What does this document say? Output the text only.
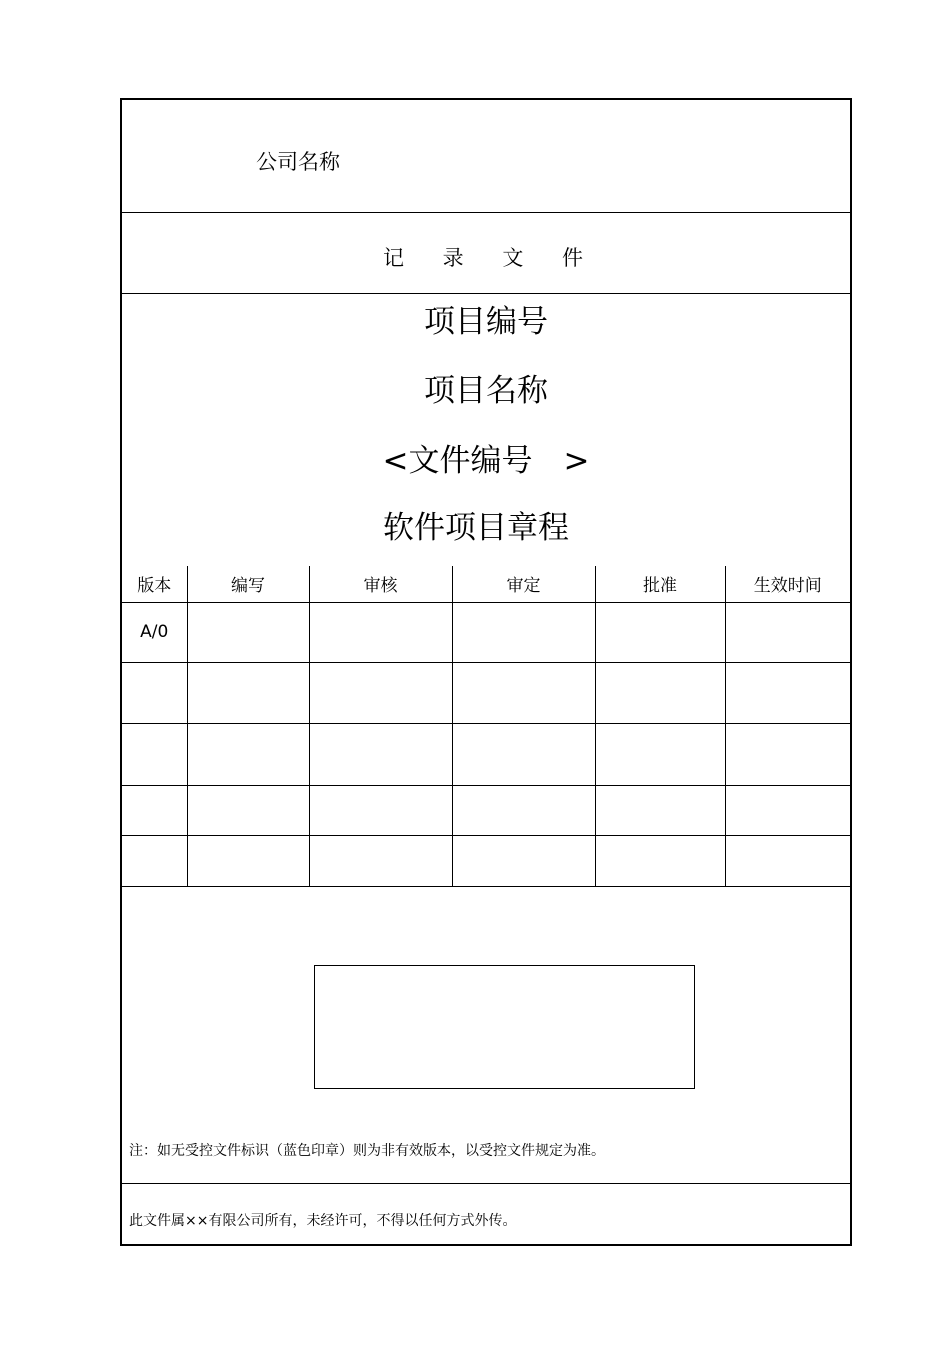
公司名称
记 录 文 件
项目编号
项目名称
<文件编号　>
软件项目章程
版本	编写	审核	审定	批准	生效时间
A/0					

注：如无受控文件标识（蓝色印章）则为非有效版本，以受控文件规定为准。
此文件属××有限公司所有，未经许可，不得以任何方式外传。
